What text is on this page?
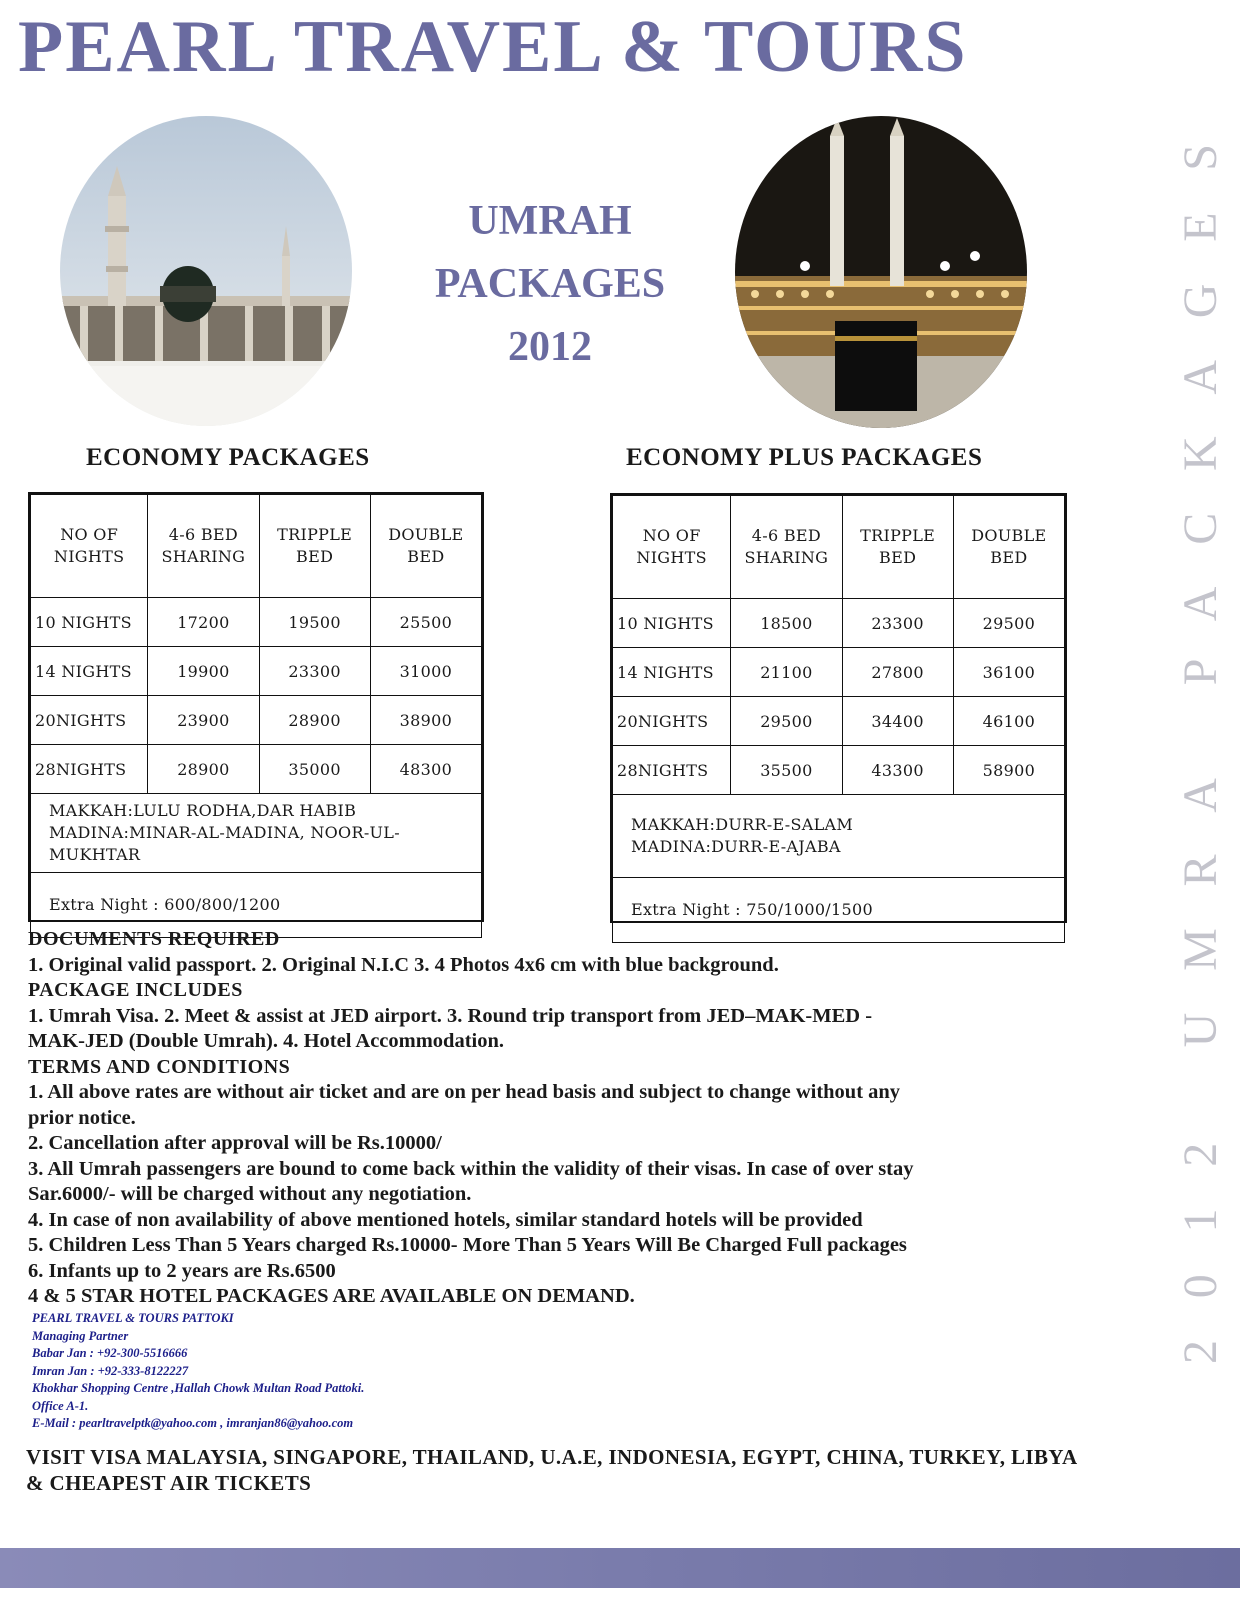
PEARL TRAVEL & TOURS
UMRAH
PACKAGES
2012
ECONOMY PACKAGES	ECONOMY PLUS PACKAGES
NO OF NIGHTS	4-6 BED SHARING	TRIPPLE BED	DOUBLE BED
10 NIGHTS	17200	19500	25500
14 NIGHTS	19900	23300	31000
20NIGHTS	23900	28900	38900
28NIGHTS	28900	35000	48300

MAKKAH:LULU RODHA,DAR HABIB
MADINA:MINAR-AL-MADINA, NOOR-UL-
MUKHTAR			

Extra Night : 600/800/1200			
NO OF NIGHTS	4-6 BED SHARING	TRIPPLE BED	DOUBLE BED
10 NIGHTS	18500	23300	29500
14 NIGHTS	21100	27800	36100
20NIGHTS	29500	34400	46100
28NIGHTS	35500	43300	58900

MAKKAH:DURR-E-SALAM
MADINA:DURR-E-AJABA			

Extra Night : 750/1000/1500			
DOCUMENTS REQUIRED
1. Original valid passport. 2. Original N.I.C 3. 4 Photos 4x6 cm with blue background.
PACKAGE INCLUDES
1. Umrah Visa. 2. Meet & assist at JED airport. 3. Round trip transport from JED–MAK-MED -
MAK-JED (Double Umrah). 4. Hotel Accommodation.
TERMS AND CONDITIONS
1. All above rates are without air ticket and are on per head basis and subject to change without any
prior notice.
2. Cancellation after approval will be Rs.10000/
3. All Umrah passengers are bound to come back within the validity of their visas. In case of over stay
Sar.6000/- will be charged without any negotiation.
4. In case of non availability of above mentioned hotels, similar standard hotels will be provided
5. Children Less Than 5 Years charged Rs.10000- More Than 5 Years Will Be Charged Full packages
6. Infants up to 2 years are Rs.6500
4 & 5 STAR HOTEL PACKAGES ARE AVAILABLE ON DEMAND.
PEARL TRAVEL & TOURS PATTOKI
Managing Partner
Babar Jan : +92-300-5516666
Imran Jan : +92-333-8122227
Khokhar Shopping Centre ,Hallah Chowk Multan Road Pattoki.
Office A-1.
E-Mail : pearltravelptk@yahoo.com , imranjan86@yahoo.com
VISIT VISA MALAYSIA, SINGAPORE, THAILAND, U.A.E, INDONESIA, EGYPT, CHINA, TURKEY, LIBYA
& CHEAPEST AIR TICKETS
2012 UMRA PACKAGES
